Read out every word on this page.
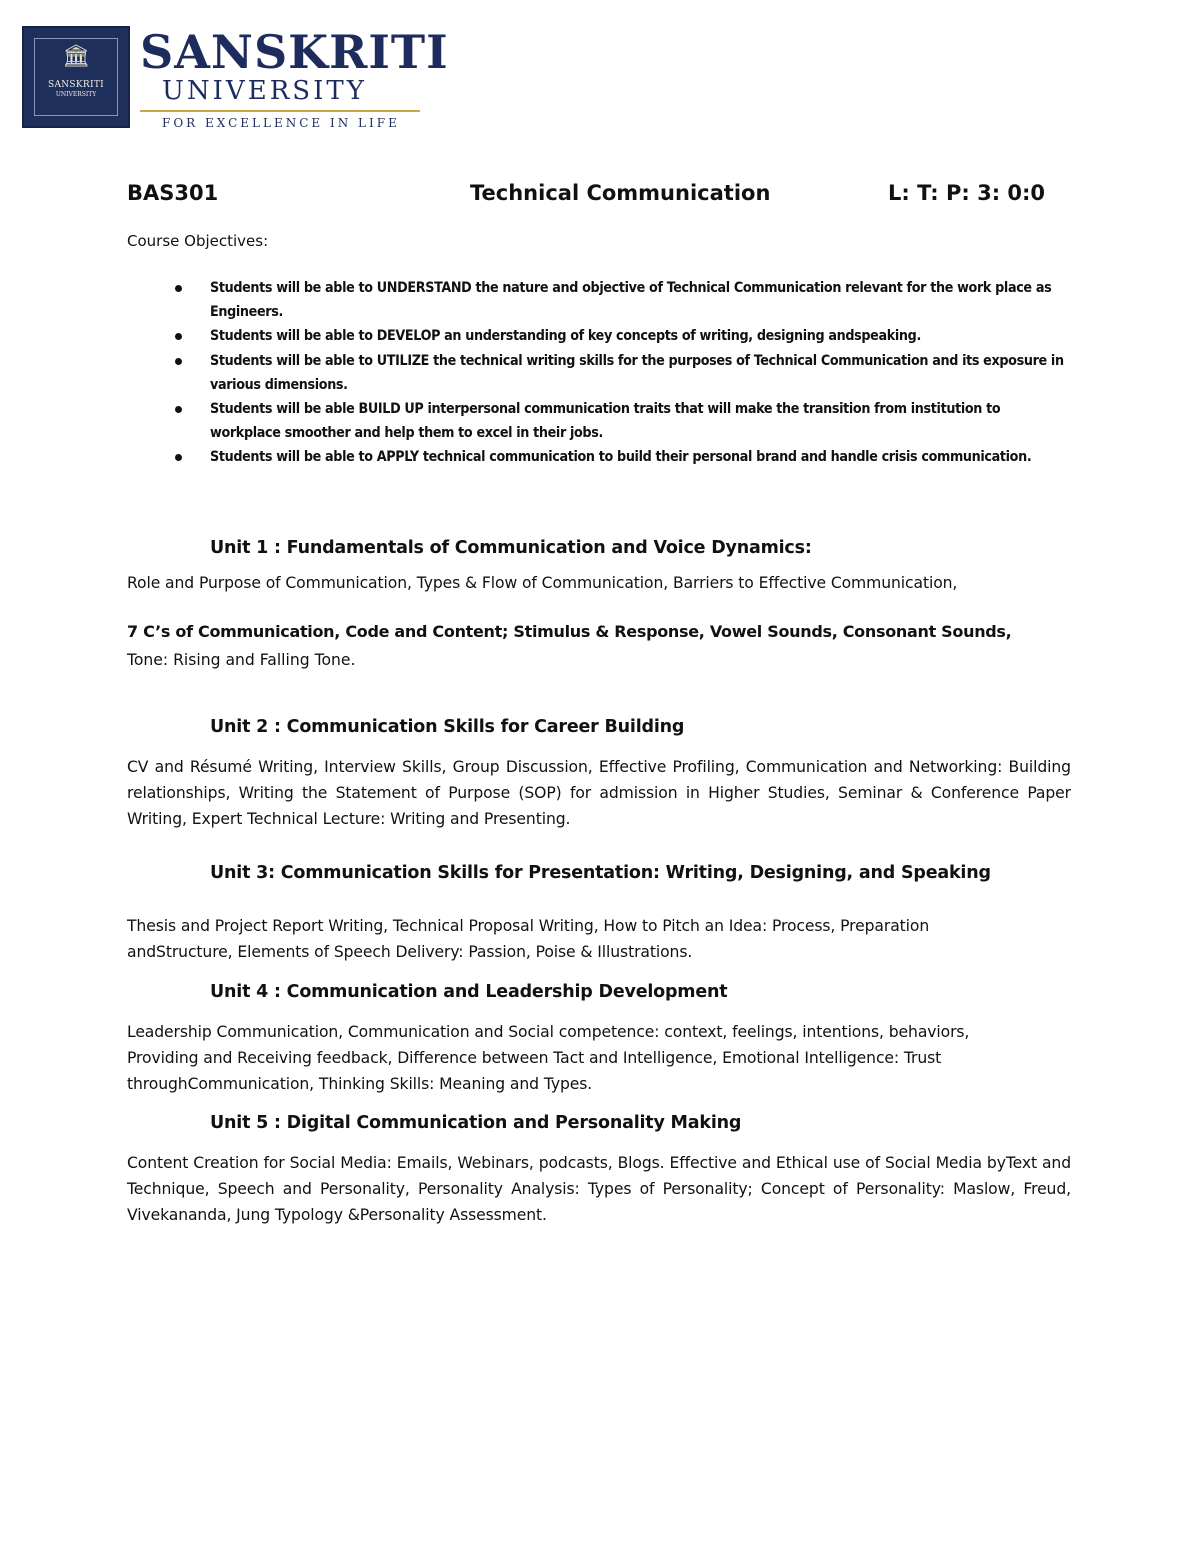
🏛︎
SANSKRITI
UNIVERSITY
SANSKRITI
UNIVERSITY
FOR EXCELLENCE IN LIFE
BAS301	Technical Communication	L: T: P: 3: 0:0
Course Objectives:
Students will be able to UNDERSTAND the nature and objective of Technical Communication relevant for the work place as Engineers.
Students will be able to DEVELOP an understanding of key concepts of writing, designing andspeaking.
Students will be able to UTILIZE the technical writing skills for the purposes of Technical Communication and its exposure in various dimensions.
Students will be able BUILD UP interpersonal communication traits that will make the transition from institution to workplace smoother and help them to excel in their jobs.
Students will be able to APPLY technical communication to build their personal brand and handle crisis communication.
Unit 1 : Fundamentals of Communication and Voice Dynamics:
Role and Purpose of Communication, Types & Flow of Communication, Barriers to Effective Communication,
7 C’s of Communication, Code and Content; Stimulus & Response, Vowel Sounds, Consonant Sounds,
Tone: Rising and Falling Tone.
Unit 2 : Communication Skills for Career Building
CV and Résumé Writing, Interview Skills, Group Discussion, Effective Profiling, Communication and Networking: Building relationships, Writing the Statement of Purpose (SOP) for admission in Higher Studies, Seminar & Conference Paper Writing, Expert Technical Lecture: Writing and Presenting.
Unit 3: Communication Skills for Presentation: Writing, Designing, and Speaking
Thesis and Project Report Writing, Technical Proposal Writing, How to Pitch an Idea: Process, Preparation andStructure, Elements of Speech Delivery: Passion, Poise & Illustrations.
Unit 4 : Communication and Leadership Development
Leadership Communication, Communication and Social competence: context, feelings, intentions, behaviors, Providing and Receiving feedback, Difference between Tact and Intelligence, Emotional Intelligence: Trust throughCommunication, Thinking Skills: Meaning and Types.
Unit 5 : Digital Communication and Personality Making
Content Creation for Social Media: Emails, Webinars, podcasts, Blogs. Effective and Ethical use of Social Media byText and Technique, Speech and Personality, Personality Analysis: Types of Personality; Concept of Personality: Maslow, Freud, Vivekananda, Jung Typology &Personality Assessment.
